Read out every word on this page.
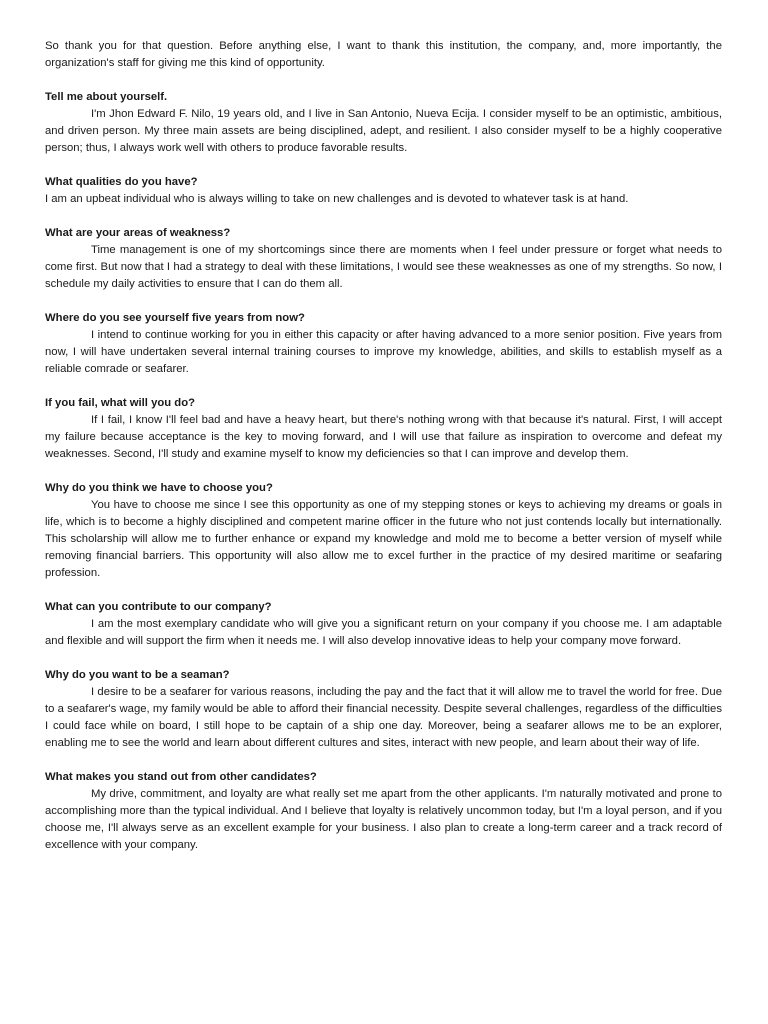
So thank you for that question. Before anything else, I want to thank this institution, the company, and, more importantly, the organization's staff for giving me this kind of opportunity.

Tell me about yourself.

I'm Jhon Edward F. Nilo, 19 years old, and I live in San Antonio, Nueva Ecija. I consider myself to be an optimistic, ambitious, and driven person. My three main assets are being disciplined, adept, and resilient. I also consider myself to be a highly cooperative person; thus, I always work well with others to produce favorable results.

What qualities do you have?

I am an upbeat individual who is always willing to take on new challenges and is devoted to whatever task is at hand.

What are your areas of weakness?

Time management is one of my shortcomings since there are moments when I feel under pressure or forget what needs to come first. But now that I had a strategy to deal with these limitations, I would see these weaknesses as one of my strengths. So now, I schedule my daily activities to ensure that I can do them all.

Where do you see yourself five years from now?

I intend to continue working for you in either this capacity or after having advanced to a more senior position. Five years from now, I will have undertaken several internal training courses to improve my knowledge, abilities, and skills to establish myself as a reliable comrade or seafarer.

If you fail, what will you do?

If I fail, I know I'll feel bad and have a heavy heart, but there's nothing wrong with that because it's natural. First, I will accept my failure because acceptance is the key to moving forward, and I will use that failure as inspiration to overcome and defeat my weaknesses. Second, I'll study and examine myself to know my deficiencies so that I can improve and develop them.

Why do you think we have to choose you?

You have to choose me since I see this opportunity as one of my stepping stones or keys to achieving my dreams or goals in life, which is to become a highly disciplined and competent marine officer in the future who not just contends locally but internationally. This scholarship will allow me to further enhance or expand my knowledge and mold me to become a better version of myself while removing financial barriers. This opportunity will also allow me to excel further in the practice of my desired maritime or seafaring profession.

What can you contribute to our company?

I am the most exemplary candidate who will give you a significant return on your company if you choose me. I am adaptable and flexible and will support the firm when it needs me. I will also develop innovative ideas to help your company move forward.

Why do you want to be a seaman?

I desire to be a seafarer for various reasons, including the pay and the fact that it will allow me to travel the world for free. Due to a seafarer's wage, my family would be able to afford their financial necessity. Despite several challenges, regardless of the difficulties I could face while on board, I still hope to be captain of a ship one day. Moreover, being a seafarer allows me to be an explorer, enabling me to see the world and learn about different cultures and sites, interact with new people, and learn about their way of life.

What makes you stand out from other candidates?

My drive, commitment, and loyalty are what really set me apart from the other applicants. I'm naturally motivated and prone to accomplishing more than the typical individual. And I believe that loyalty is relatively uncommon today, but I'm a loyal person, and if you choose me, I'll always serve as an excellent example for your business. I also plan to create a long-term career and a track record of excellence with your company.
